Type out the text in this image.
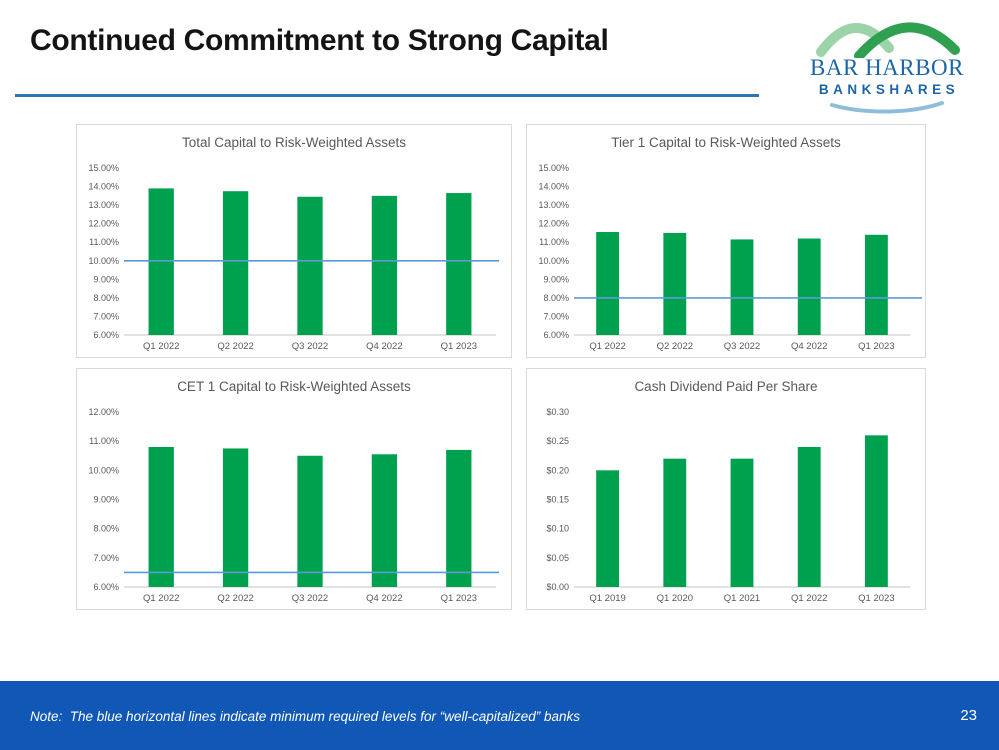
Continued Commitment to Strong Capital
BAR HARBOR
BANKSHARES
Total Capital to Risk-Weighted Assets
6.00%
7.00%
8.00%
9.00%
10.00%
11.00%
12.00%
13.00%
14.00%
15.00%
Q1 2022	Q2 2022	Q3 2022	Q4 2022	Q1 2023
Tier 1 Capital to Risk-Weighted Assets
6.00%
7.00%
8.00%
9.00%
10.00%
11.00%
12.00%
13.00%
14.00%
15.00%
Q1 2022	Q2 2022	Q3 2022	Q4 2022	Q1 2023
CET 1 Capital to Risk-Weighted Assets
6.00%
7.00%
8.00%
9.00%
10.00%
11.00%
12.00%
Q1 2022	Q2 2022	Q3 2022	Q4 2022	Q1 2023
Cash Dividend Paid Per Share
$0.00
$0.05
$0.10
$0.15
$0.20
$0.25
$0.30
Q1 2019	Q1 2020	Q1 2021	Q1 2022	Q1 2023
Note:  The blue horizontal lines indicate minimum required levels for “well-capitalized” banks	23
